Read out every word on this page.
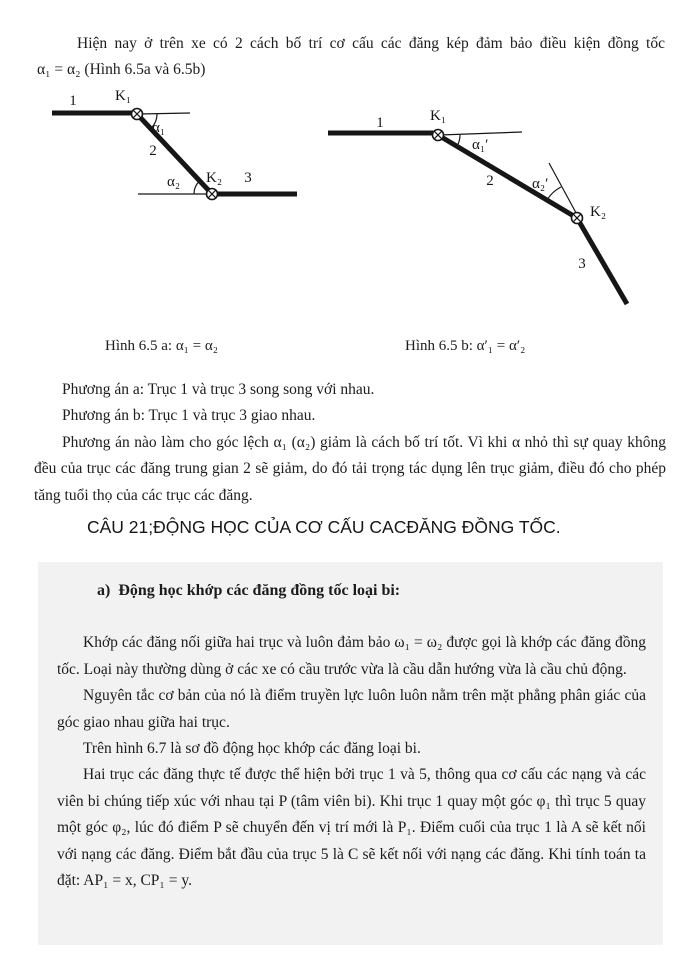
Hiện nay ở trên xe có 2 cách bố trí cơ cấu các đăng kép đảm bảo điều kiện đồng tốc
α₁ = α₂ (Hình 6.5a và 6.5b)
1	K₁
α₁
2
α₂ K₂ 3
1	K₁
α₁′
2	α₂′
K₂
3
Hình 6.5 a: α₁ = α₂	Hình 6.5 b: α′₁ = α′₂

Phương án a: Trục 1 và trục 3 song song với nhau.

Phương án b: Trục 1 và trục 3 giao nhau.

Phương án nào làm cho góc lệch α₁ (α₂) giảm là cách bố trí tốt. Vì khi α nhỏ thì sự quay không đều của trục các đăng trung gian 2 sẽ giảm, do đó tải trọng tác dụng lên trục giảm, điều đó cho phép tăng tuổi thọ của các trục các đăng.

CÂU 21;ĐỘNG HỌC CỦA CƠ CẤU CACĐĂNG ĐỒNG TỐC.

a)  Động học khớp các đăng đồng tốc loại bi:

Khớp các đăng nối giữa hai trục và luôn đảm bảo ω₁ = ω₂ được gọi là khớp các đăng đồng tốc. Loại này thường dùng ở các xe có cầu trước vừa là cầu dẫn hướng vừa là cầu chủ động.

Nguyên tắc cơ bản của nó là điểm truyền lực luôn luôn nằm trên mặt phẳng phân giác của góc giao nhau giữa hai trục.

Trên hình 6.7 là sơ đồ động học khớp các đăng loại bi.

Hai trục các đăng thực tế được thể hiện bởi trục 1 và 5, thông qua cơ cấu các nạng và các viên bi chúng tiếp xúc với nhau tại P (tâm viên bi). Khi trục 1 quay một góc φ₁ thì trục 5 quay một góc φ₂, lúc đó điểm P sẽ chuyển đến vị trí mới là P₁. Điểm cuối của trục 1 là A sẽ kết nối với nạng các đăng. Điểm bắt đầu của trục 5 là C sẽ kết nối với nạng các đăng. Khi tính toán ta đặt: AP₁ = x, CP₁ = y.
